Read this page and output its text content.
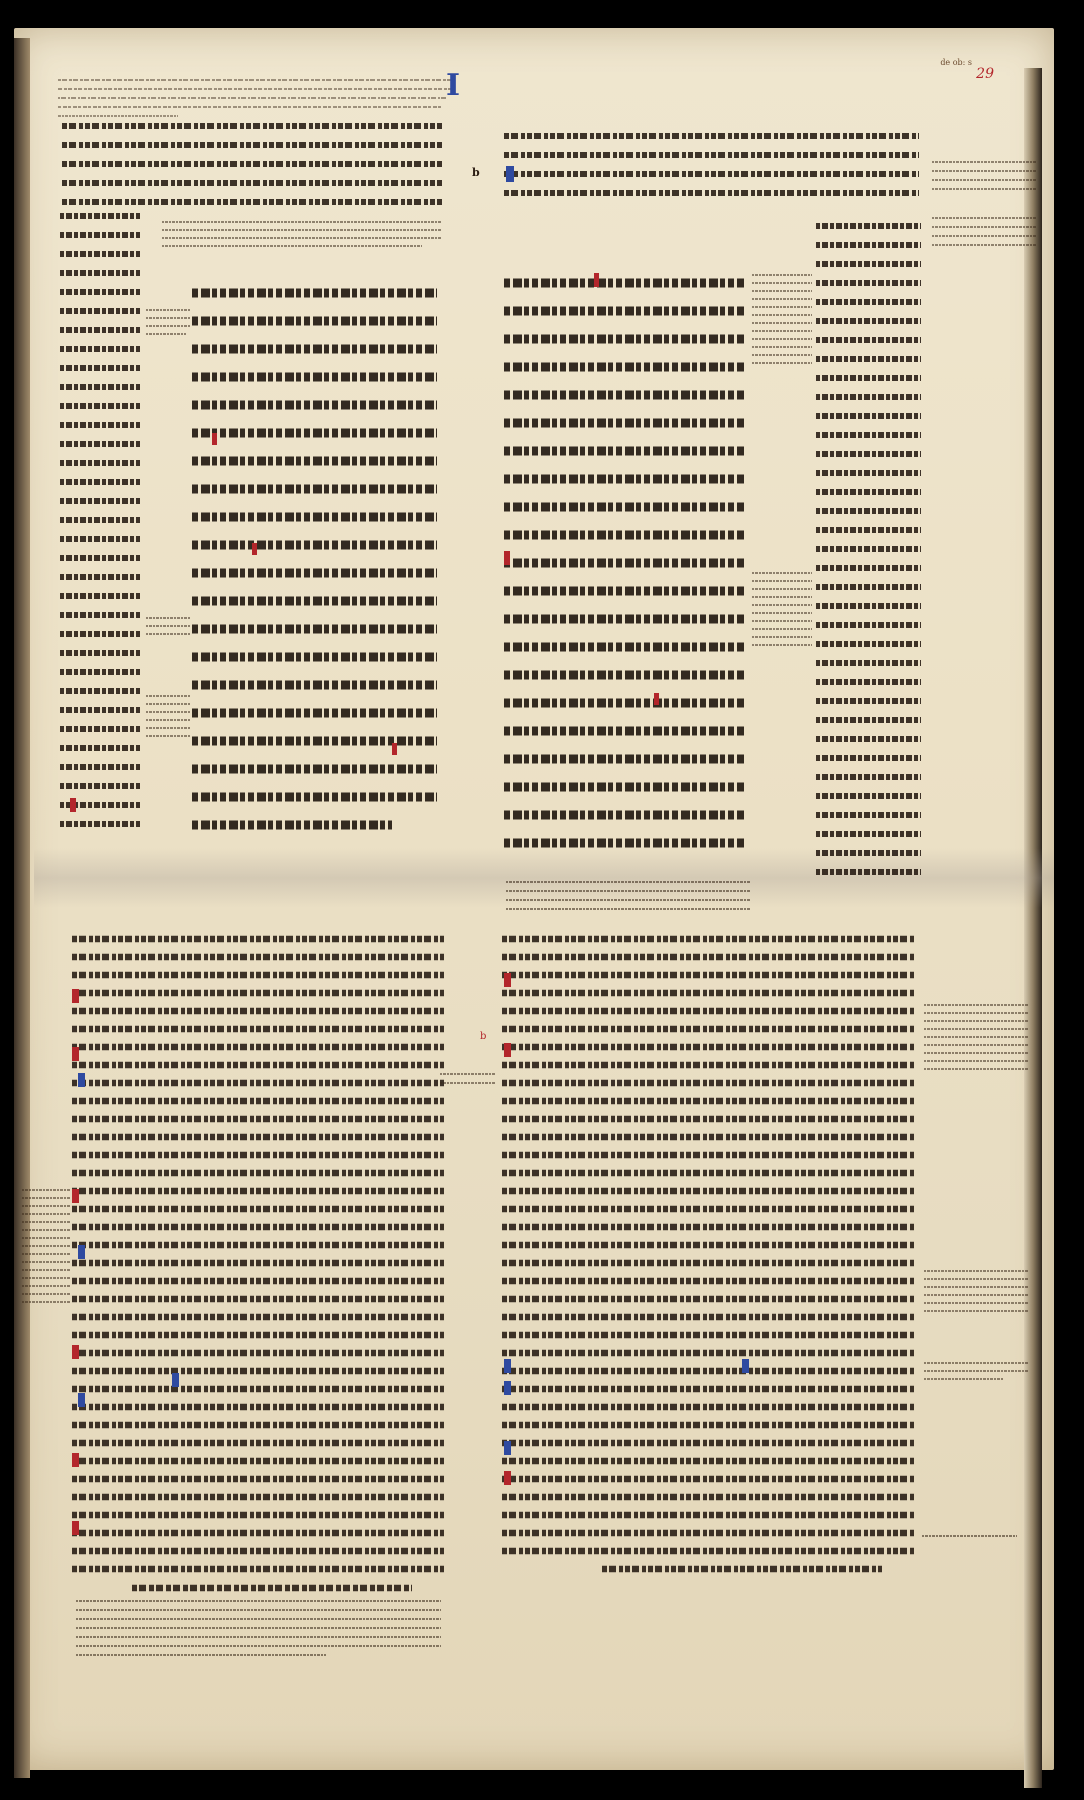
29
de ob: s
I
b
b
